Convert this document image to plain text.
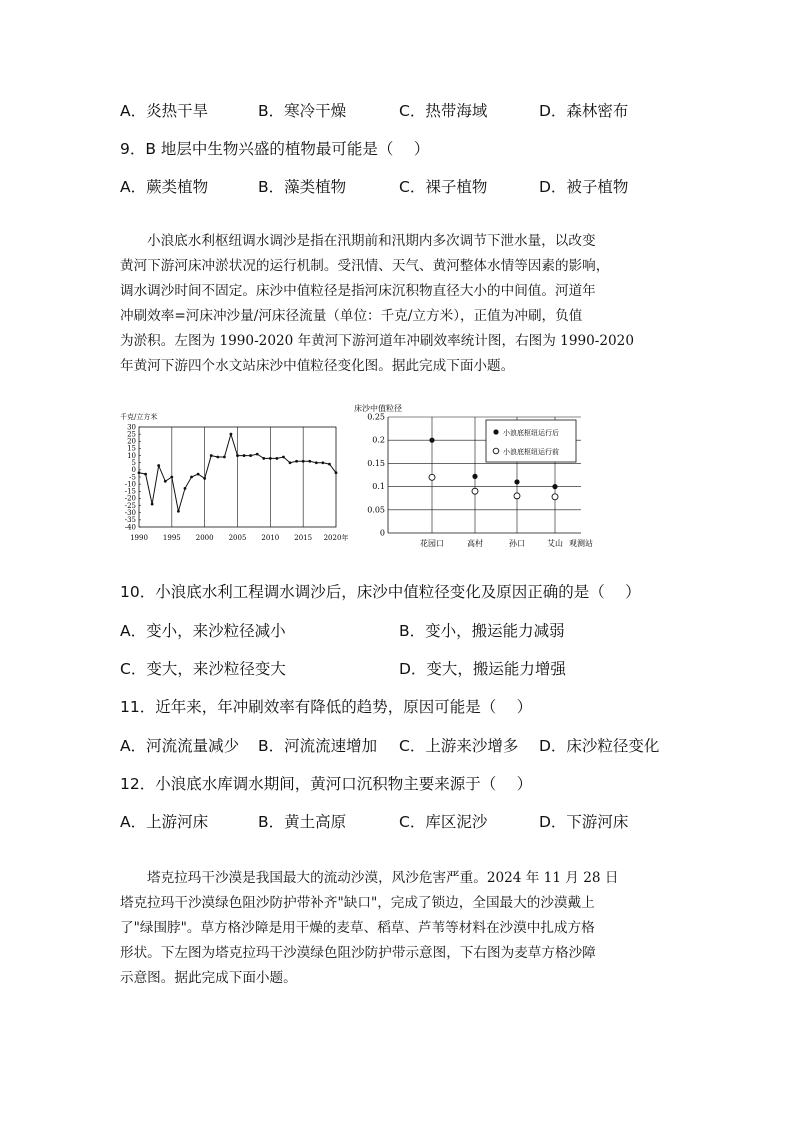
A．炎热干旱	B．寒冷干燥	C．热带海域	D．森林密布
9．B 地层中生物兴盛的植物最可能是（　 ）
A．蕨类植物	B．藻类植物	C．裸子植物	D．被子植物
小浪底水利枢纽调水调沙是指在汛期前和汛期内多次调节下泄水量，以改变
黄河下游河床冲淤状况的运行机制。受汛情、天气、黄河整体水情等因素的影响，
调水调沙时间不固定。床沙中值粒径是指河床沉积物直径大小的中间值。河道年
冲刷效率=河床冲沙量/河床径流量（单位：千克/立方米），正值为冲刷，负值
为淤积。左图为 1990-2020 年黄河下游河道年冲刷效率统计图，右图为 1990-2020
年黄河下游四个水文站床沙中值粒径变化图。据此完成下面小题。
千克/立方米
30
25
20
15
10
5
0
-5
-10
-15
-20
-25
-30
-35
-40
1990 1995 2000 2005 2010 2015 2020年
床沙中值粒径
0.25
0.2
0.15
0.1
0.05
0
花园口	高村	孙口	艾山 观测站
小浪底枢纽运行后
小浪底枢纽运行前
10．小浪底水利工程调水调沙后，床沙中值粒径变化及原因正确的是（　 ）
A．变小，来沙粒径减小	B．变小，搬运能力减弱
C．变大，来沙粒径变大	D．变大，搬运能力增强
11．近年来，年冲刷效率有降低的趋势，原因可能是（　 ）
A．河流流量减少 B．河流流速增加 C．上游来沙增多 D．床沙粒径变化
12．小浪底水库调水期间，黄河口沉积物主要来源于（　 ）
A．上游河床	B．黄土高原	C．库区泥沙	D．下游河床
塔克拉玛干沙漠是我国最大的流动沙漠，风沙危害严重。2024 年 11 月 28 日
塔克拉玛干沙漠绿色阻沙防护带补齐"缺口"，完成了锁边，全国最大的沙漠戴上
了"绿围脖"。草方格沙障是用干燥的麦草、稻草、芦苇等材料在沙漠中扎成方格
形状。下左图为塔克拉玛干沙漠绿色阻沙防护带示意图，下右图为麦草方格沙障
示意图。据此完成下面小题。
